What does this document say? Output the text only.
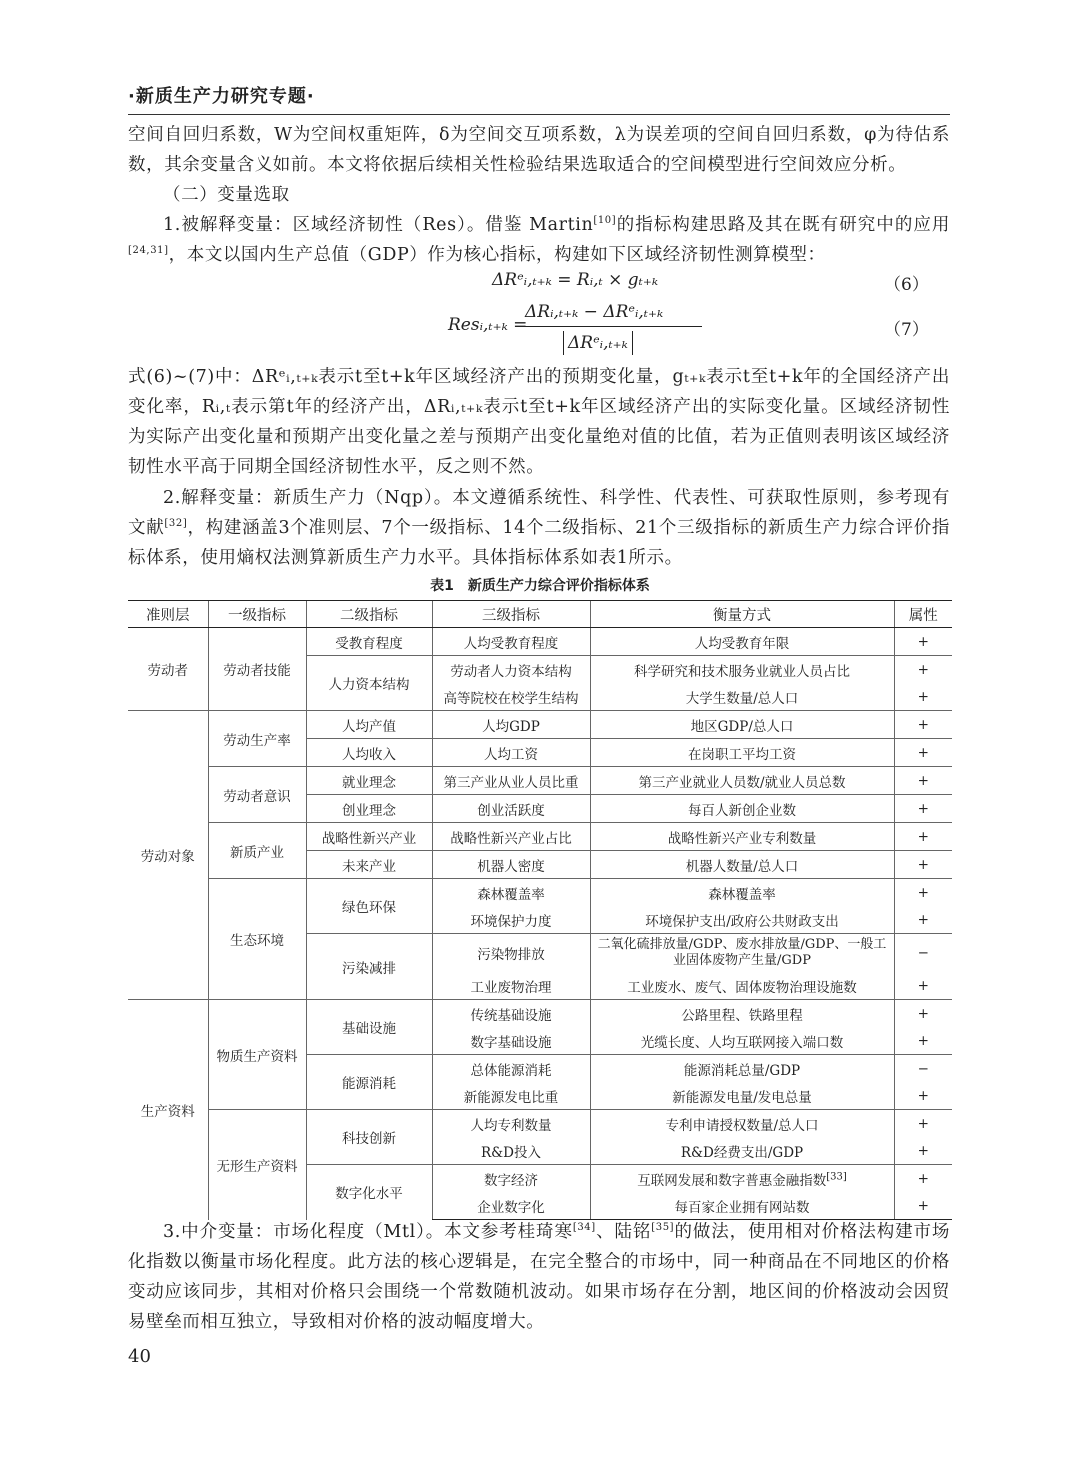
·新质生产力研究专题·

空间自回归系数，W为空间权重矩阵，δ为空间交互项系数，λ为误差项的空间自回归系数，φ为待估系数，其余变量含义如前。本文将依据后续相关性检验结果选取适合的空间模型进行空间效应分析。

（二）变量选取

1.被解释变量：区域经济韧性（Res）。借鉴 Martin[10]的指标构建思路及其在既有研究中的应用[24,31]，本文以国内生产总值（GDP）作为核心指标，构建如下区域经济韧性测算模型：

ΔRᵉᵢ,ₜ₊ₖ = Rᵢ,ₜ × gₜ₊ₖ	（6）
Resᵢ,ₜ₊ₖ =
ΔRᵢ,ₜ₊ₖ − ΔRᵉᵢ,ₜ₊ₖ
ΔRᵉᵢ,ₜ₊ₖ
（7）

式(6)~(7)中：ΔRᵉᵢ,ₜ₊ₖ表示t至t+k年区域经济产出的预期变化量，gₜ₊ₖ表示t至t+k年的全国经济产出变化率，Rᵢ,ₜ表示第t年的经济产出，ΔRᵢ,ₜ₊ₖ表示t至t+k年区域经济产出的实际变化量。区域经济韧性为实际产出变化量和预期产出变化量之差与预期产出变化量绝对值的比值，若为正值则表明该区域经济韧性水平高于同期全国经济韧性水平，反之则不然。

2.解释变量：新质生产力（Nqp）。本文遵循系统性、科学性、代表性、可获取性原则，参考现有文献[32]，构建涵盖3个准则层、7个一级指标、14个二级指标、21个三级指标的新质生产力综合评价指标体系，使用熵权法测算新质生产力水平。具体指标体系如表1所示。

表1　新质生产力综合评价指标体系
准则层	一级指标	二级指标	三级指标	衡量方式	属性
劳动者	劳动者技能	受教育程度	人均受教育程度	人均受教育年限	+
		人力资本结构	劳动者人力资本结构	科学研究和技术服务业就业人员占比	+
			高等院校在校学生结构	大学生数量/总人口	+
劳动对象	劳动生产率	人均产值	人均GDP	地区GDP/总人口	+
		人均收入	人均工资	在岗职工平均工资	+
	劳动者意识	就业理念	第三产业从业人员比重	第三产业就业人员数/就业人员总数	+
		创业理念	创业活跃度	每百人新创企业数	+
	新质产业	战略性新兴产业	战略性新兴产业占比	战略性新兴产业专利数量	+
		未来产业	机器人密度	机器人数量/总人口	+
	生态环境	绿色环保	森林覆盖率	森林覆盖率	+
			环境保护力度	环境保护支出/政府公共财政支出	+
		污染减排	污染物排放	二氧化硫排放量/GDP、废水排放量/GDP、一般工业固体废物产生量/GDP	−
			工业废物治理	工业废水、废气、固体废物治理设施数	+
生产资料	物质生产资料	基础设施	传统基础设施	公路里程、铁路里程	+
			数字基础设施	光缆长度、人均互联网接入端口数	+
		能源消耗	总体能源消耗	能源消耗总量/GDP	−
			新能源发电比重	新能源发电量/发电总量	+
	无形生产资料	科技创新	人均专利数量	专利申请授权数量/总人口	+
			R&D投入	R&D经费支出/GDP	+
		数字化水平	数字经济	互联网发展和数字普惠金融指数[33]	+
			企业数字化	每百家企业拥有网站数	+

3.中介变量：市场化程度（Mtl）。本文参考桂琦寒[34]、陆铭[35]的做法，使用相对价格法构建市场化指数以衡量市场化程度。此方法的核心逻辑是，在完全整合的市场中，同一种商品在不同地区的价格变动应该同步，其相对价格只会围绕一个常数随机波动。如果市场存在分割，地区间的价格波动会因贸易壁垒而相互独立，导致相对价格的波动幅度增大。

40
